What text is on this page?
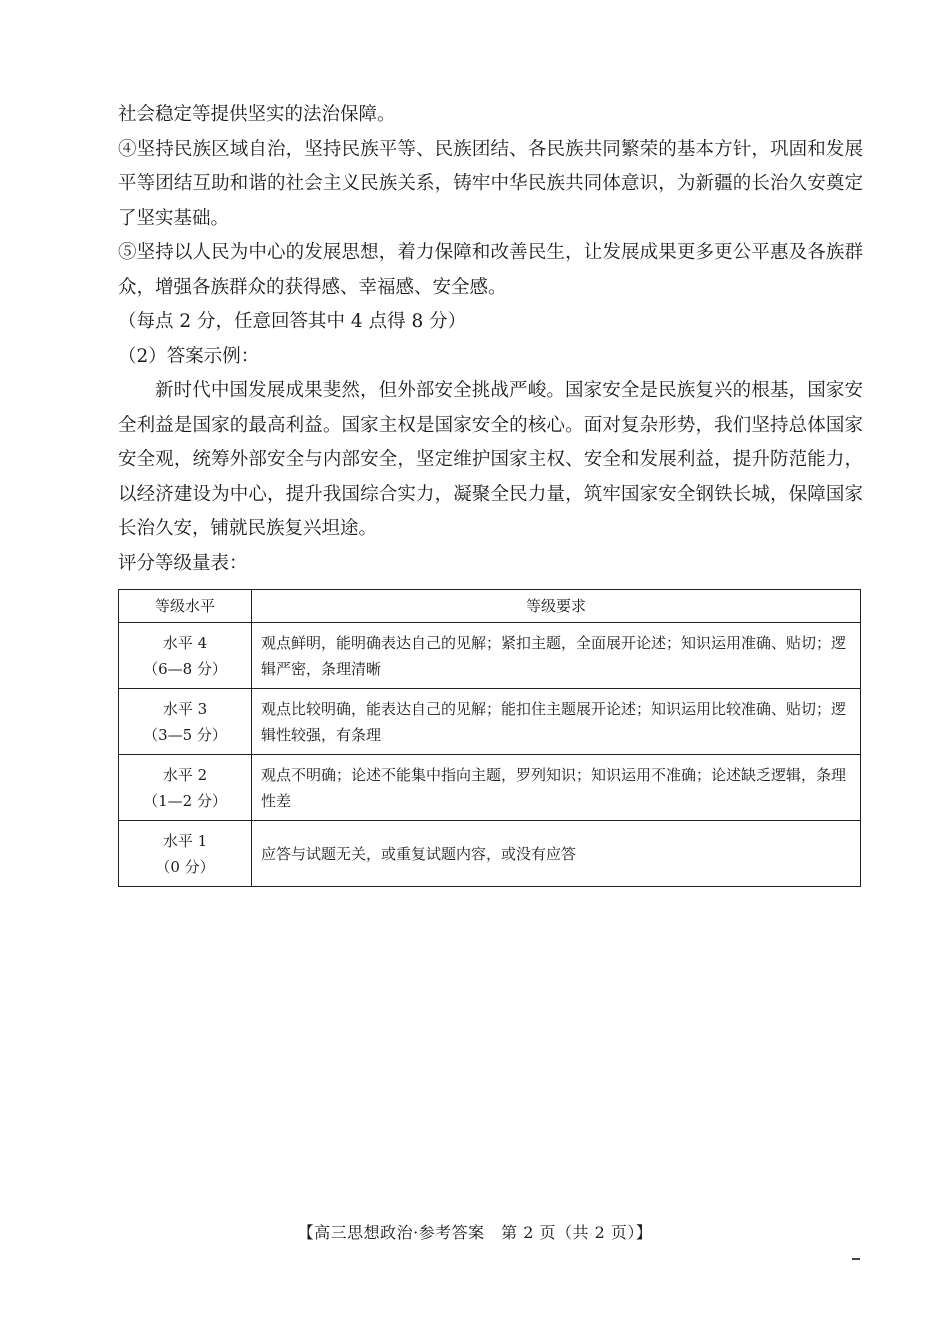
社会稳定等提供坚实的法治保障。

④坚持民族区域自治，坚持民族平等、民族团结、各民族共同繁荣的基本方针，巩固和发展平等团结互助和谐的社会主义民族关系，铸牢中华民族共同体意识，为新疆的长治久安奠定了坚实基础。

⑤坚持以人民为中心的发展思想，着力保障和改善民生，让发展成果更多更公平惠及各族群众，增强各族群众的获得感、幸福感、安全感。

（每点 2 分，任意回答其中 4 点得 8 分）

（2）答案示例：

新时代中国发展成果斐然，但外部安全挑战严峻。国家安全是民族复兴的根基，国家安全利益是国家的最高利益。国家主权是国家安全的核心。面对复杂形势，我们坚持总体国家安全观，统筹外部安全与内部安全，坚定维护国家主权、安全和发展利益，提升防范能力，以经济建设为中心，提升我国综合实力，凝聚全民力量，筑牢国家安全钢铁长城，保障国家长治久安，铺就民族复兴坦途。

评分等级量表：

等级水平	等级要求

水平 4
（6—8 分）	观点鲜明，能明确表达自己的见解；紧扣主题，全面展开论述；知识运用准确、贴切；逻辑严密，条理清晰

水平 3
（3—5 分）	观点比较明确，能表达自己的见解；能扣住主题展开论述；知识运用比较准确、贴切；逻辑性较强，有条理

水平 2
（1—2 分）	观点不明确；论述不能集中指向主题，罗列知识；知识运用不准确；论述缺乏逻辑，条理性差

水平 1
（0 分）	应答与试题无关，或重复试题内容，或没有应答
【高三思想政治·参考答案　第 2 页（共 2 页）】
